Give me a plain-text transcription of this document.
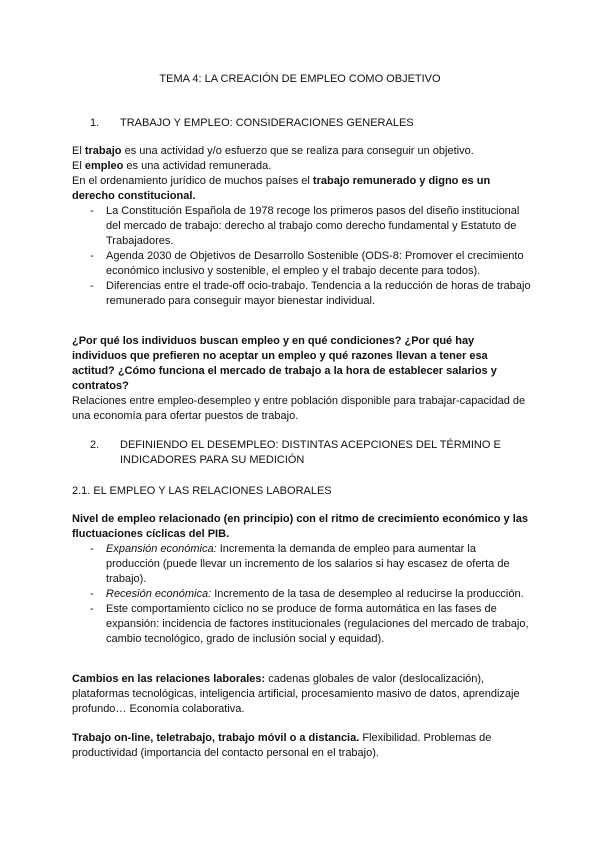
TEMA 4: LA CREACIÓN DE EMPLEO COMO OBJETIVO
1.	TRABAJO Y EMPLEO: CONSIDERACIONES GENERALES
El trabajo es una actividad y/o esfuerzo que se realiza para conseguir un objetivo.
El empleo es una actividad remunerada.
En el ordenamiento jurídico de muchos países el trabajo remunerado y digno es un derecho constitucional.
- La Constitución Española de 1978 recoge los primeros pasos del diseño institucional del mercado de trabajo: derecho al trabajo como derecho fundamental y Estatuto de Trabajadores.
- Agenda 2030 de Objetivos de Desarrollo Sostenible (ODS-8: Promover el crecimiento económico inclusivo y sostenible, el empleo y el trabajo decente para todos).
- Diferencias entre el trade-off ocio-trabajo. Tendencia a la reducción de horas de trabajo remunerado para conseguir mayor bienestar individual.
¿Por qué los individuos buscan empleo y en qué condiciones? ¿Por qué hay individuos que prefieren no aceptar un empleo y qué razones llevan a tener esa actitud? ¿Cómo funciona el mercado de trabajo a la hora de establecer salarios y contratos?
Relaciones entre empleo-desempleo y entre población disponible para trabajar-capacidad de una economía para ofertar puestos de trabajo.
2.	DEFINIENDO EL DESEMPLEO: DISTINTAS ACEPCIONES DEL TÉRMINO E INDICADORES PARA SU MEDICIÓN
2.1. EL EMPLEO Y LAS RELACIONES LABORALES
Nivel de empleo relacionado (en principio) con el ritmo de crecimiento económico y las fluctuaciones cíclicas del PIB.
- Expansión económica: Incrementa la demanda de empleo para aumentar la producción (puede llevar un incremento de los salarios si hay escasez de oferta de trabajo).
- Recesión económica: Incremento de la tasa de desempleo al reducirse la producción.
- Este comportamiento cíclico no se produce de forma automática en las fases de expansión: incidencia de factores institucionales (regulaciones del mercado de trabajo, cambio tecnológico, grado de inclusión social y equidad).
Cambios en las relaciones laborales: cadenas globales de valor (deslocalización), plataformas tecnológicas, inteligencia artificial, procesamiento masivo de datos, aprendizaje profundo… Economía colaborativa.
Trabajo on-line, teletrabajo, trabajo móvil o a distancia. Flexibilidad. Problemas de productividad (importancia del contacto personal en el trabajo).
